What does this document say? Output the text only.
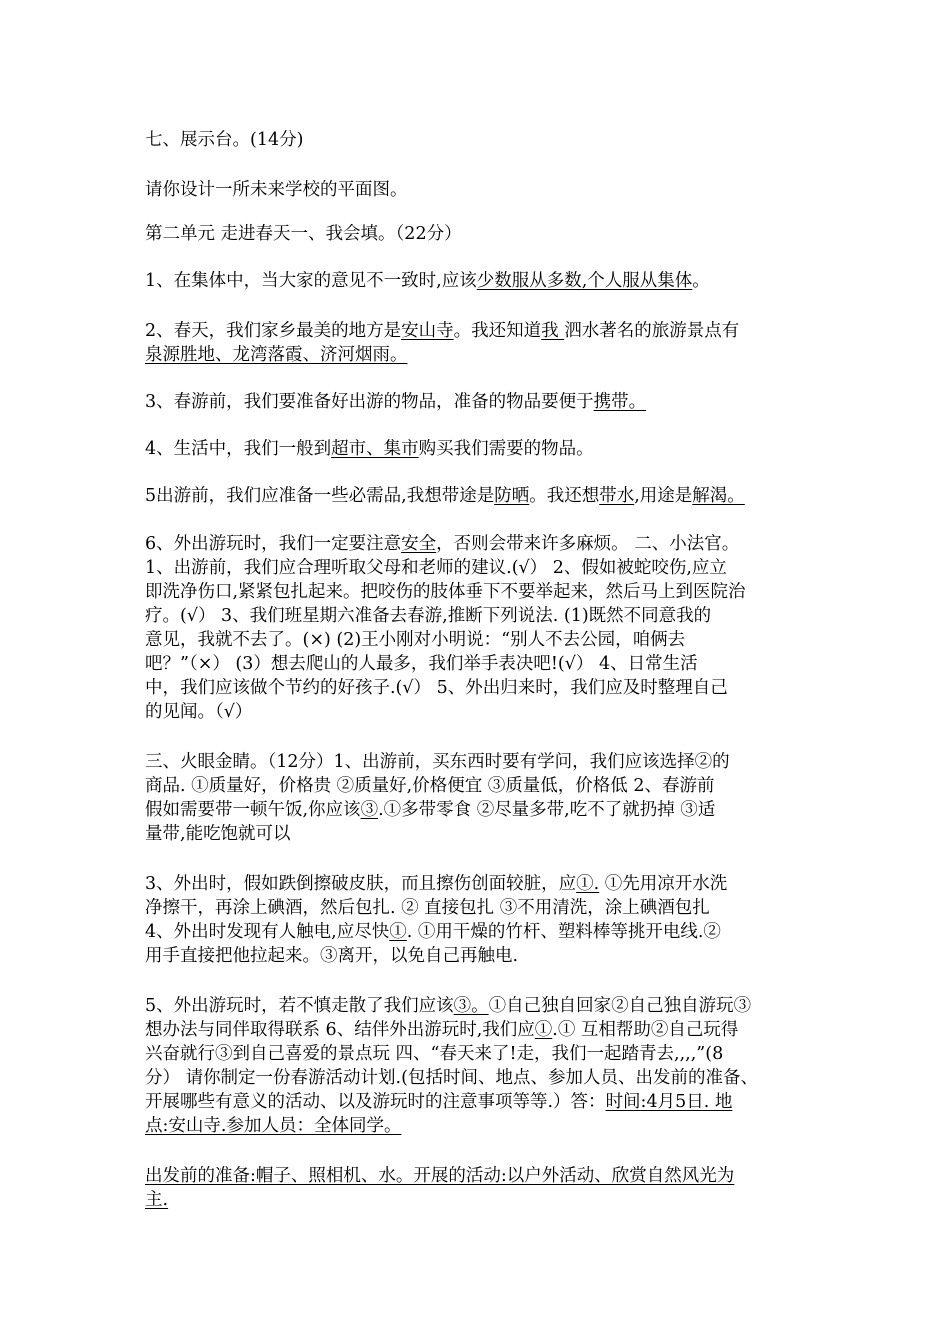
七、展示台。(14分)
请你设计一所未来学校的平面图。
第二单元 走进春天一、我会填。（22分）
1、在集体中，当大家的意见不一致时,应该少数服从多数,个人服从集体。
2、春天，我们家乡最美的地方是安山寺。我还知道我 泗水著名的旅游景点有
泉源胜地、龙湾落霞、济河烟雨。
3、春游前，我们要准备好出游的物品，准备的物品要便于携带。
4、生活中，我们一般到超市、集市购买我们需要的物品。
5出游前，我们应准备一些必需品,我想带途是防晒。我还想带水,用途是解渴。
6、外出游玩时，我们一定要注意安全，否则会带来许多麻烦。 二、小法官。
1、出游前，我们应合理听取父母和老师的建议.(√） 2、假如被蛇咬伤,应立
即洗净伤口,紧紧包扎起来。把咬伤的肢体垂下不要举起来，然后马上到医院治
疗。(√） 3、我们班星期六准备去春游,推断下列说法. (1)既然不同意我的
意见，我就不去了。(×) (2)王小刚对小明说：“别人不去公园，咱俩去
吧？”（×） (3）想去爬山的人最多，我们举手表决吧!(√） 4、日常生活
中，我们应该做个节约的好孩子.(√） 5、外出归来时，我们应及时整理自己
的见闻。（√）
三、火眼金睛。（12分）1、出游前，买东西时要有学问，我们应该选择②的
商品. ①质量好，价格贵 ②质量好,价格便宜 ③质量低，价格低 2、春游前
假如需要带一顿午饭,你应该③.①多带零食 ②尽量多带,吃不了就扔掉 ③适
量带,能吃饱就可以
3、外出时，假如跌倒擦破皮肤，而且擦伤创面较脏，应①. ①先用凉开水洗
净擦干，再涂上碘酒，然后包扎. ② 直接包扎 ③不用清洗，涂上碘酒包扎
4、外出时发现有人触电,应尽快①. ①用干燥的竹杆、塑料棒等挑开电线.②
用手直接把他拉起来。③离开，以免自己再触电.
5、外出游玩时，若不慎走散了我们应该③。①自己独自回家②自己独自游玩③
想办法与同伴取得联系 6、结伴外出游玩时,我们应①.① 互相帮助②自己玩得
兴奋就行③到自己喜爱的景点玩 四、“春天来了!走，我们一起踏青去,,,,”(8
分） 请你制定一份春游活动计划.(包括时间、地点、参加人员、出发前的准备、
开展哪些有意义的活动、以及游玩时的注意事项等等.）答：时间:4月5日. 地
点:安山寺.参加人员：全体同学。
出发前的准备:帽子、照相机、水。开展的活动:以户外活动、欣赏自然风光为
主.
